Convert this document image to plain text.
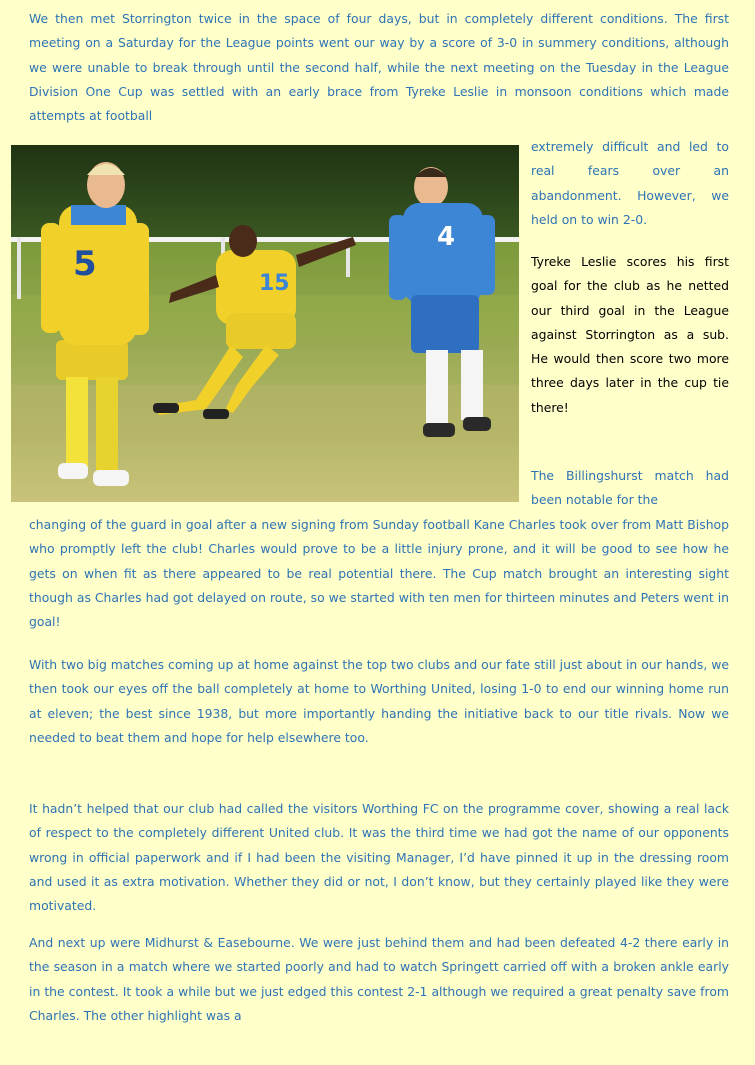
We then met Storrington twice in the space of four days, but in completely different conditions. The first meeting on a Saturday for the League points went our way by a score of 3-0 in summery conditions, although we were unable to break through until the second half, while the next meeting on the Tuesday in the League Division One Cup was settled with an early brace from Tyreke Leslie in monsoon conditions which made attempts at football

5	15
4

extremely difficult and led to real fears over an abandonment. However, we held on to win 2-0.

Tyreke Leslie scores his first goal for the club as he netted our third goal in the League against Storrington as a sub. He would then score two more three days later in the cup tie there!

The Billingshurst match had been notable for the

changing of the guard in goal after a new signing from Sunday football Kane Charles took over from Matt Bishop who promptly left the club! Charles would prove to be a little injury prone, and it will be good to see how he gets on when fit as there appeared to be real potential there. The Cup match brought an interesting sight though as Charles had got delayed on route, so we started with ten men for thirteen minutes and Peters went in goal!

With two big matches coming up at home against the top two clubs and our fate still just about in our hands, we then took our eyes off the ball completely at home to Worthing United, losing 1-0 to end our winning home run at eleven; the best since 1938, but more importantly handing the initiative back to our title rivals. Now we needed to beat them and hope for help elsewhere too.

It hadn’t helped that our club had called the visitors Worthing FC on the programme cover, showing a real lack of respect to the completely different United club. It was the third time we had got the name of our opponents wrong in official paperwork and if I had been the visiting Manager, I’d have pinned it up in the dressing room and used it as extra motivation. Whether they did or not, I don’t know, but they certainly played like they were motivated.

And next up were Midhurst & Easebourne. We were just behind them and had been defeated 4-2 there early in the season in a match where we started poorly and had to watch Springett carried off with a broken ankle early in the contest. It took a while but we just edged this contest 2-1 although we required a great penalty save from Charles. The other highlight was a
